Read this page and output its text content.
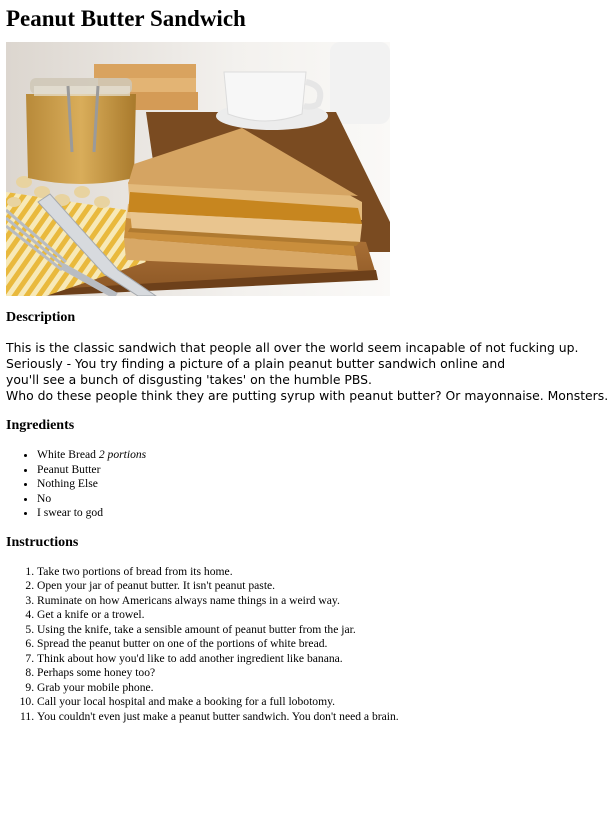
Peanut Butter Sandwich
Description
This is the classic sandwich that people all over the world seem incapable of not fucking up.
Seriously - You try finding a picture of a plain peanut butter sandwich online and
you'll see a bunch of disgusting 'takes' on the humble PBS.
Who do these people think they are putting syrup with peanut butter? Or mayonnaise. Monsters.
Ingredients
• White Bread 2 portions
• Peanut Butter
• Nothing Else
• No
• I swear to god
Instructions
1. Take two portions of bread from its home.
2. Open your jar of peanut butter. It isn't peanut paste.
3. Ruminate on how Americans always name things in a weird way.
4. Get a knife or a trowel.
5. Using the knife, take a sensible amount of peanut butter from the jar.
6. Spread the peanut butter on one of the portions of white bread.
7. Think about how you'd like to add another ingredient like banana.
8. Perhaps some honey too?
9. Grab your mobile phone.
10. Call your local hospital and make a booking for a full lobotomy.
11. You couldn't even just make a peanut butter sandwich. You don't need a brain.
